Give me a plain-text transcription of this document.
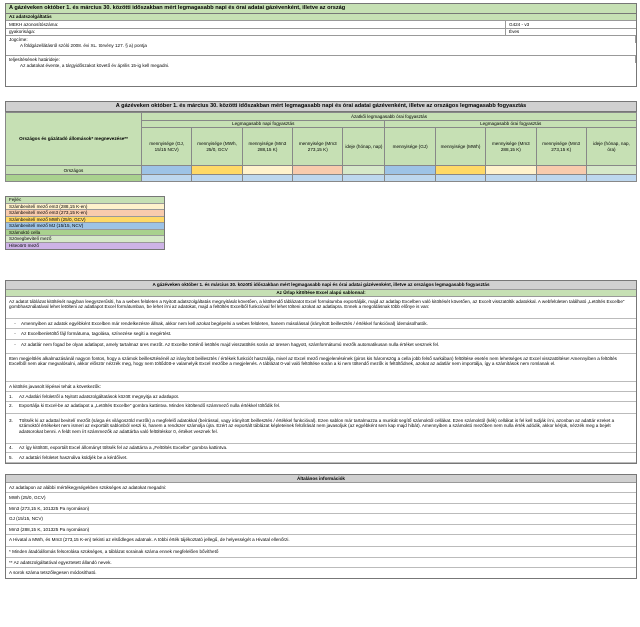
A gázéveken október 1. és március 30. közötti időszakban mért legmagasabb napi és órai adatai gázévenként, illetve az ország
Az adatszolgáltatás
MEKH azonosítószáma:	G424 - v3
gyakorisága:	Éves
Jogcíme:
A földgázellátásról szóló 2008. évi XL. törvény 127. § a) pontja
teljesítésének határideje:
Az adatokat évente, a tárgyidőszakot követő év április 15-ig kell megadni.
A gázéveken október 1. és március 30. közötti időszakban mért legmagasabb napi és órai adatai gázévenként, illetve az országos legmagasabb fogyasztás
Országos és gázátadó állomások* megnevezése**	Ázatkői legmagasabb órai fogyasztás									
	Legmagasabb napi fogyasztás					Legmagasabb órai fogyasztás				
	mennyisége (GJ, 15/15 NCV)	mennyisége (MWh, 25/0, GCV	mennyisége (Mm3 288,15 K)	mennyisége (Mm3 273,15 K)	ideje (hónap, nap)	mennyisége (GJ)	mennyisége (MWh)	mennyisége (Mm3 288,15 K)	mennyisége (Mm3 273,15 K)	ideje (hónap, nap, óra)
Országos										

Fejléc
Számbevitelí mező em3 (288,15 K-en)
Számbevitelí mező em3 (273,15 K-en)
Számbevitelí mező MWh (25/0, GCV)
Számbevitelí mező MJ (15/15, NCV)
Számoktó cella
Szövegbevitelí mező
Hiteoörö mező
A gázéveken október 1. és március 30. közötti időszakban mért legmagasabb napi és órai adatai gázévenként, illetve az országos legmagasabb fogyasztás
Az Űrlap kitöltése Excel alapú sablonnal:
Az adatot táblázat kitöltését nagyban leegyszerűsíti, ha a webes felületen a Nyitott adatszolgáltatás megnyitását követően, a kitöltendő táblázatot Excel formátumba exportálják, majd az adatlap Excelben való kitöltését követően, az Excelt visszatöltik adatokkal. A webfelületen található „Letöltés Excelbe” gombhasználatával lehet letölteni az adatlapot Excel formátumban, be lehet írni az adatokat, majd a feltöltés Excelből funkcióval fel lehet tölteni azokat az adatlapra. Ennek a megoldásnak több előnye is van:
-	Amennyiben az adatok egyébként Excelben már rendelkezésre állnak, akkor nem kell azokat begépelni a webes felületen, hanem másolással (irányított beillesztés / értékkel funkcióval) ídemásolhatók.
-	Az Excelbenletöltő fájl formátuma, tagolása, színezése segíti a megértést.
-	Az adatlár nem fogad be olyan adatlapot, amely tartalmaz üres mezőt. Az Excelbe történő letöltés majd visszatöltés során az üresen hagyott, számformátumú mezők automatikusan nulla értéket vesznek fel.
Itten megjelölés alkalmazásánál nagyon fontos, hogy a számok beillesztésénél az irányított beillesztés / értékek funkciót használja, mivel az Excel mező megjelenésének (piros kis háromszög a cella jobb felső sarkában) feltöltése esetén nem lehetséges az Excel visszatöltése! Amennyiben a feltöltés Excelből nem akar megvalósulni, akkor először nézzék meg, hogy nem töltődött-e valamelyik Excel mezőbe a megjelenés. A táblázat 0-val való feltöltése során a ki nem töltendő mezők is feltöltődnek, azokat az adatlár nem importálja, így a számítások nem romlanak el.
A kitöltés javasolt lépései tehát a következők:
1.	Az Adatlári felületről a Nyitott adatszolgáltatások között megnyitja az adatlapot.
2.	Exportálja ki Excel-be az adatlapot a „Letöltés Excelbe” gombra kattintva. Minden kitöltendő számmező nulla értékkel töltődik fel.
3.	Töltsék ki az adattal bevitelí mezőit (sárga és világoszöld mezők) a megfelelő adatokkal (beírással, vagy irányított beillesztés / értékkel funkcióval). Ezen sablon már tartalmazza a munkát segítő számoktól cellákat. Ezen számoktól (kék) cellákat is fel kell tudják írni, azonban az adattár ezeket a számoktól értékeket nem ismeri az exportált sablonból veszi ki, hanem a rendszer számolja újra. Ezért az exportált táblázat képleteinek felülírását nem javasoljuk (az egyébként sem kap majd hibát). Amennyiben a számoktó mezőben nem nulla érték adódik, akkor kérjük, nézzék meg a bejelt adatsorokat benni. A feldt nem írt számmezők az adattárba való feltöltéskor 0, értéket vesznek fel.
4.	Az így kitöltött, exportált Excel állományt töltsék fel az adattárra a „Feltöltés Excelbe” gombra kattintva.
5.	Az adattári felületet használva küldjék be a kérdőívet.
Általános információk
Az adatlapon az alábbi mértékegységekben szükséges az adatokat megadni:
MWh (25/0, GCV)
Mm3 (273,15 K, 101325 Pa nyomáson)
GJ (15/15, NCV)
Mm3 (288,15 K, 101325 Pa nyomáson)
A Hivatal a MWh, és Mm3 (273,15 K-en) tekinti az elsődleges adatnak. A többi érték tájékoztató jellegű, de helyességét a Hivatal ellenőrzi.
* Minden átadóállomás felsorolása szükséges, a táblázat sorainak száma ennek megfelelően bővíthető
** Az adatszolgáltatóval egyeztetett állandó nevek.
A sorok száma tetszőlegesen módosítható.
